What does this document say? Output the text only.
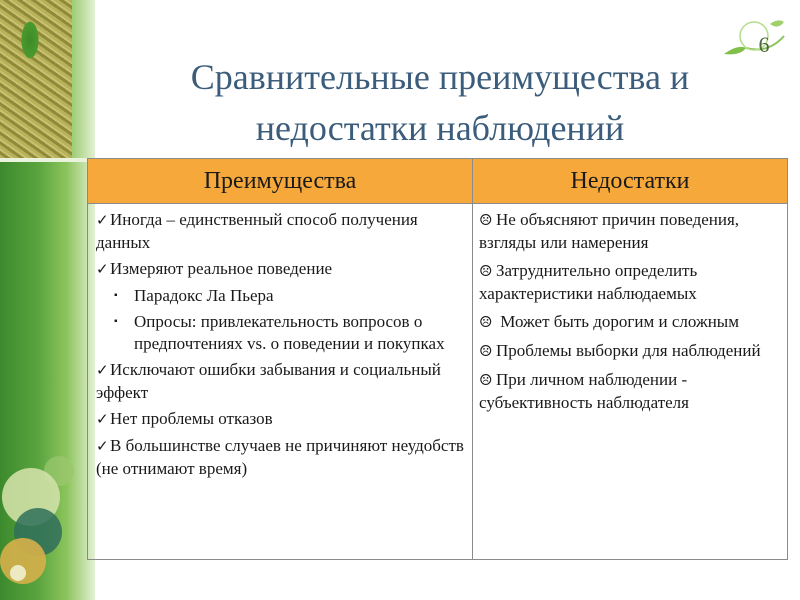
6
Сравнительные преимущества и
недостатки наблюдений
Преимущества	Недостатки
✓Иногда – единственный способ получения данных
✓Измеряют реальное поведение
▪ Парадокс Ла Пьера
▪ Опросы: привлекательность вопросов о предпочтениях vs. о поведении и покупках
✓Исключают ошибки забывания и социальный эффект
✓Нет проблемы отказов
✓В большинстве случаев не причиняют неудобств (не отнимают время)
☹ Не объясняют причин поведения, взгляды или намерения
☹ Затруднительно определить характеристики наблюдаемых
☹ Может быть дорогим и сложным
☹ Проблемы выборки для наблюдений
☹ При личном наблюдении - субъективность наблюдателя
